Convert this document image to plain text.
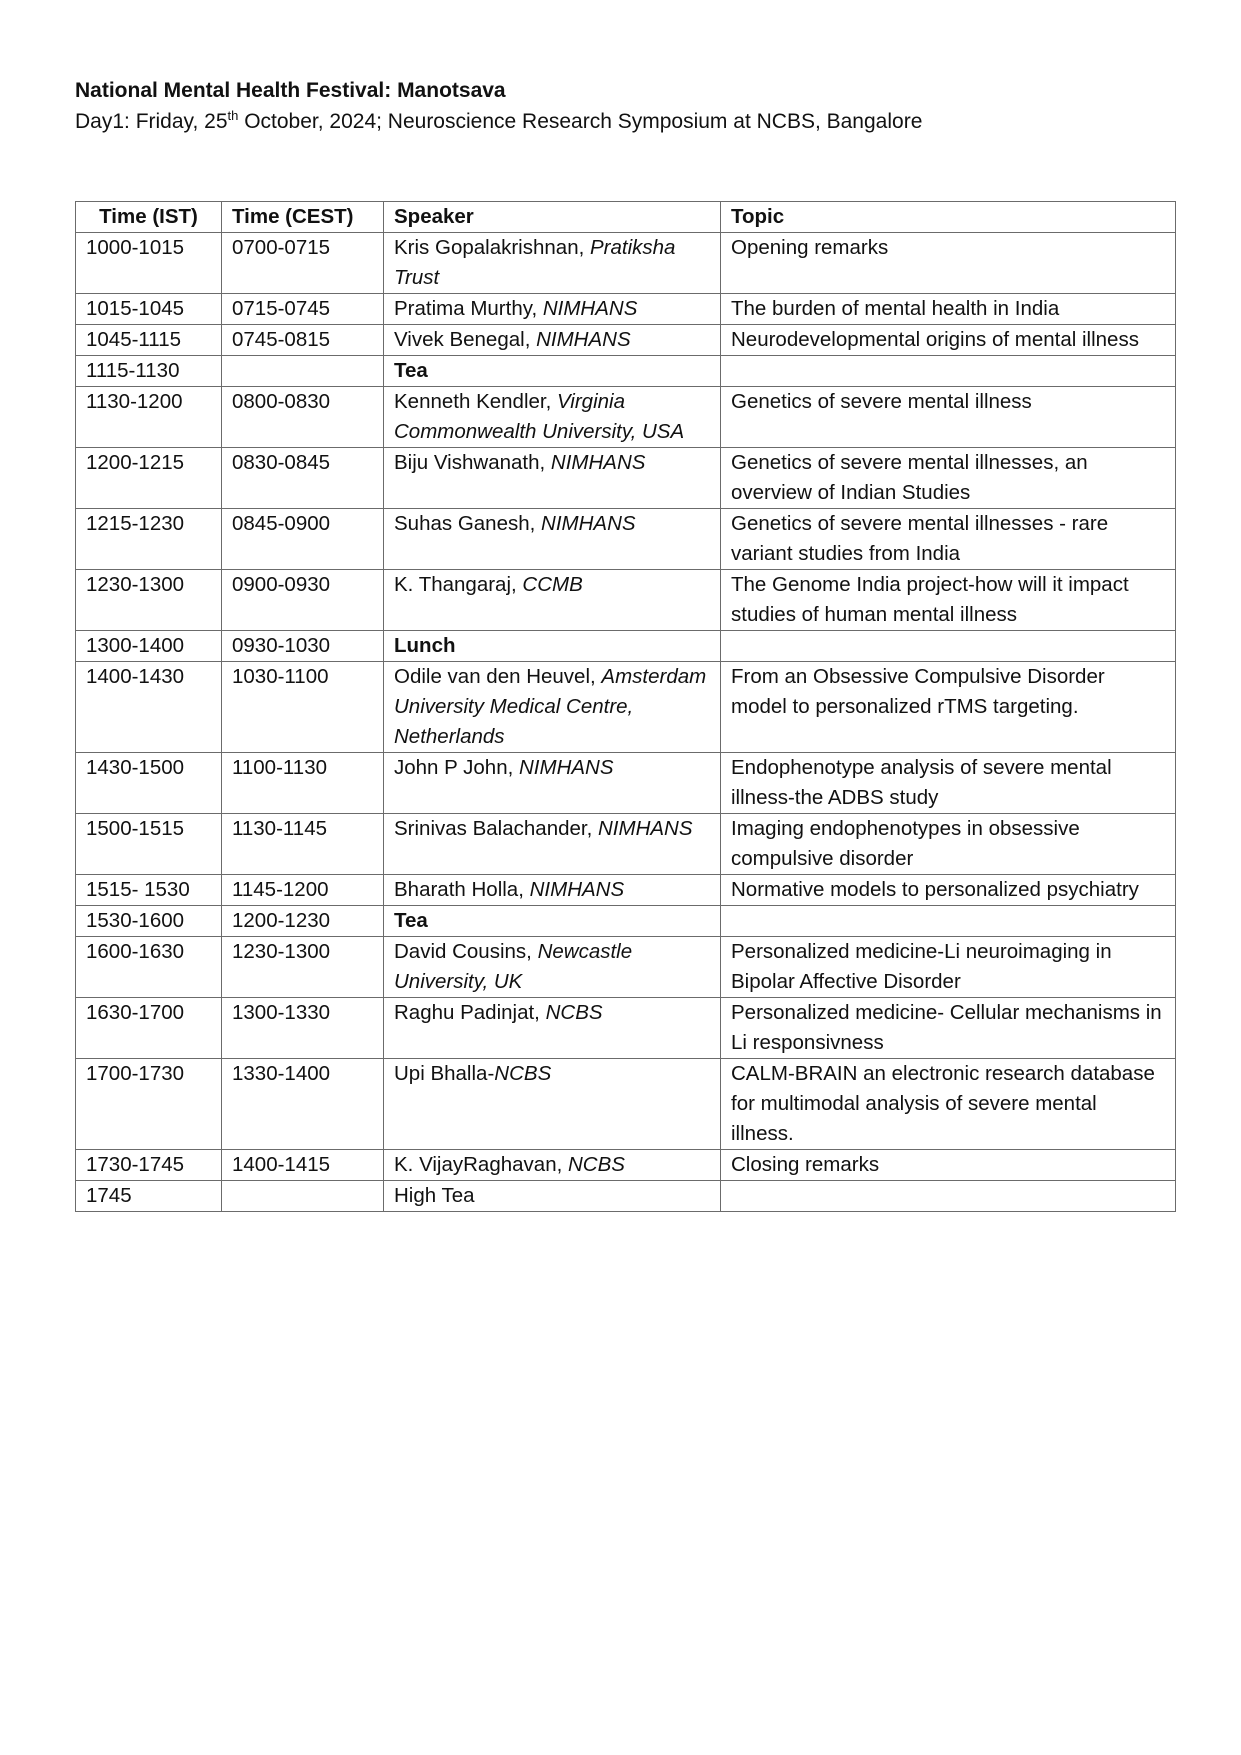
National Mental Health Festival: Manotsava

Day1: Friday, 25th October, 2024; Neuroscience Research Symposium at NCBS, Bangalore

Time (IST)	Time (CEST)	Speaker	Topic
1000-1015	0700-0715	Kris Gopalakrishnan, Pratiksha Trust	Opening remarks
1015-1045	0715-0745	Pratima Murthy, NIMHANS	The burden of mental health in India
1045-1115	0745-0815	Vivek Benegal, NIMHANS	Neurodevelopmental origins of mental illness
1115-1130		Tea	
1130-1200	0800-0830	Kenneth Kendler, Virginia Commonwealth University, USA	Genetics of severe mental illness
1200-1215	0830-0845	Biju Vishwanath, NIMHANS	Genetics of severe mental illnesses, an overview of Indian Studies
1215-1230	0845-0900	Suhas Ganesh, NIMHANS	Genetics of severe mental illnesses - rare variant studies from India
1230-1300	0900-0930	K. Thangaraj, CCMB	The Genome India project-how will it impact studies of human mental illness
1300-1400	0930-1030	Lunch	
1400-1430	1030-1100	Odile van den Heuvel, Amsterdam University Medical Centre, Netherlands	From an Obsessive Compulsive Disorder model to personalized rTMS targeting.
1430-1500	1100-1130	John P John, NIMHANS	Endophenotype analysis of severe mental illness-the ADBS study
1500-1515	1130-1145	Srinivas Balachander, NIMHANS	Imaging endophenotypes in obsessive compulsive disorder
1515- 1530	1145-1200	Bharath Holla, NIMHANS	Normative models to personalized psychiatry
1530-1600	1200-1230	Tea	
1600-1630	1230-1300	David Cousins, Newcastle University, UK	Personalized medicine-Li neuroimaging in Bipolar Affective Disorder
1630-1700	1300-1330	Raghu Padinjat, NCBS	Personalized medicine- Cellular mechanisms in Li responsivness
1700-1730	1330-1400	Upi Bhalla-NCBS	CALM-BRAIN an electronic research database for multimodal analysis of severe mental illness.
1730-1745	1400-1415	K. VijayRaghavan, NCBS	Closing remarks
1745		High Tea	
